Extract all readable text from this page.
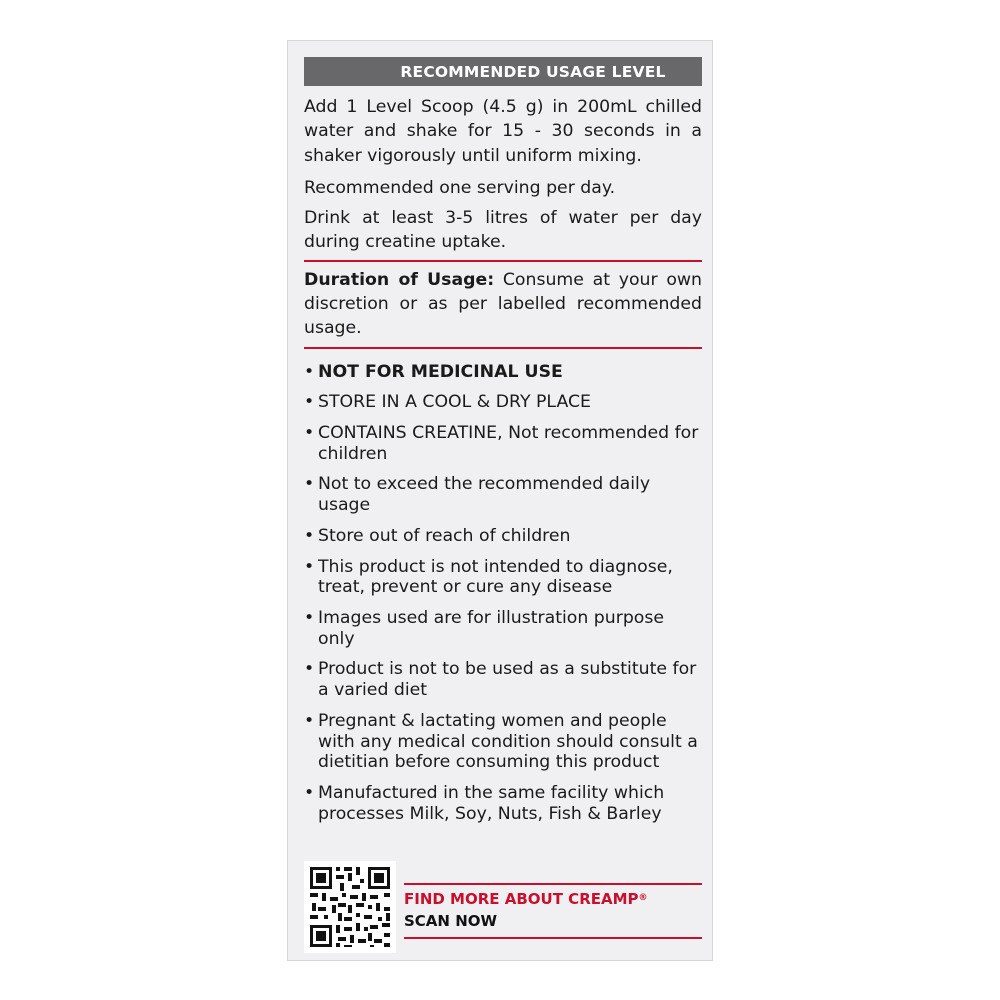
RECOMMENDED USAGE LEVEL

Add 1 Level Scoop (4.5 g) in 200mL chilled water and shake for 15 - 30 seconds in a shaker vigorously until uniform mixing.

Recommended one serving per day.

Drink at least 3-5 litres of water per day during creatine uptake.

Duration of Usage: Consume at your own discretion or as per labelled recommended usage.

• NOT FOR MEDICINAL USE
• STORE IN A COOL & DRY PLACE
• CONTAINS CREATINE, Not recommended for children
• Not to exceed the recommended daily usage
• Store out of reach of children
• This product is not intended to diagnose, treat, prevent or cure any disease
• Images used are for illustration purpose only
• Product is not to be used as a substitute for a varied diet
• Pregnant & lactating women and people with any medical condition should consult a dietitian before consuming this product
• Manufactured in the same facility which processes Milk, Soy, Nuts, Fish & Barley
FIND MORE ABOUT CREAMP®
SCAN NOW
